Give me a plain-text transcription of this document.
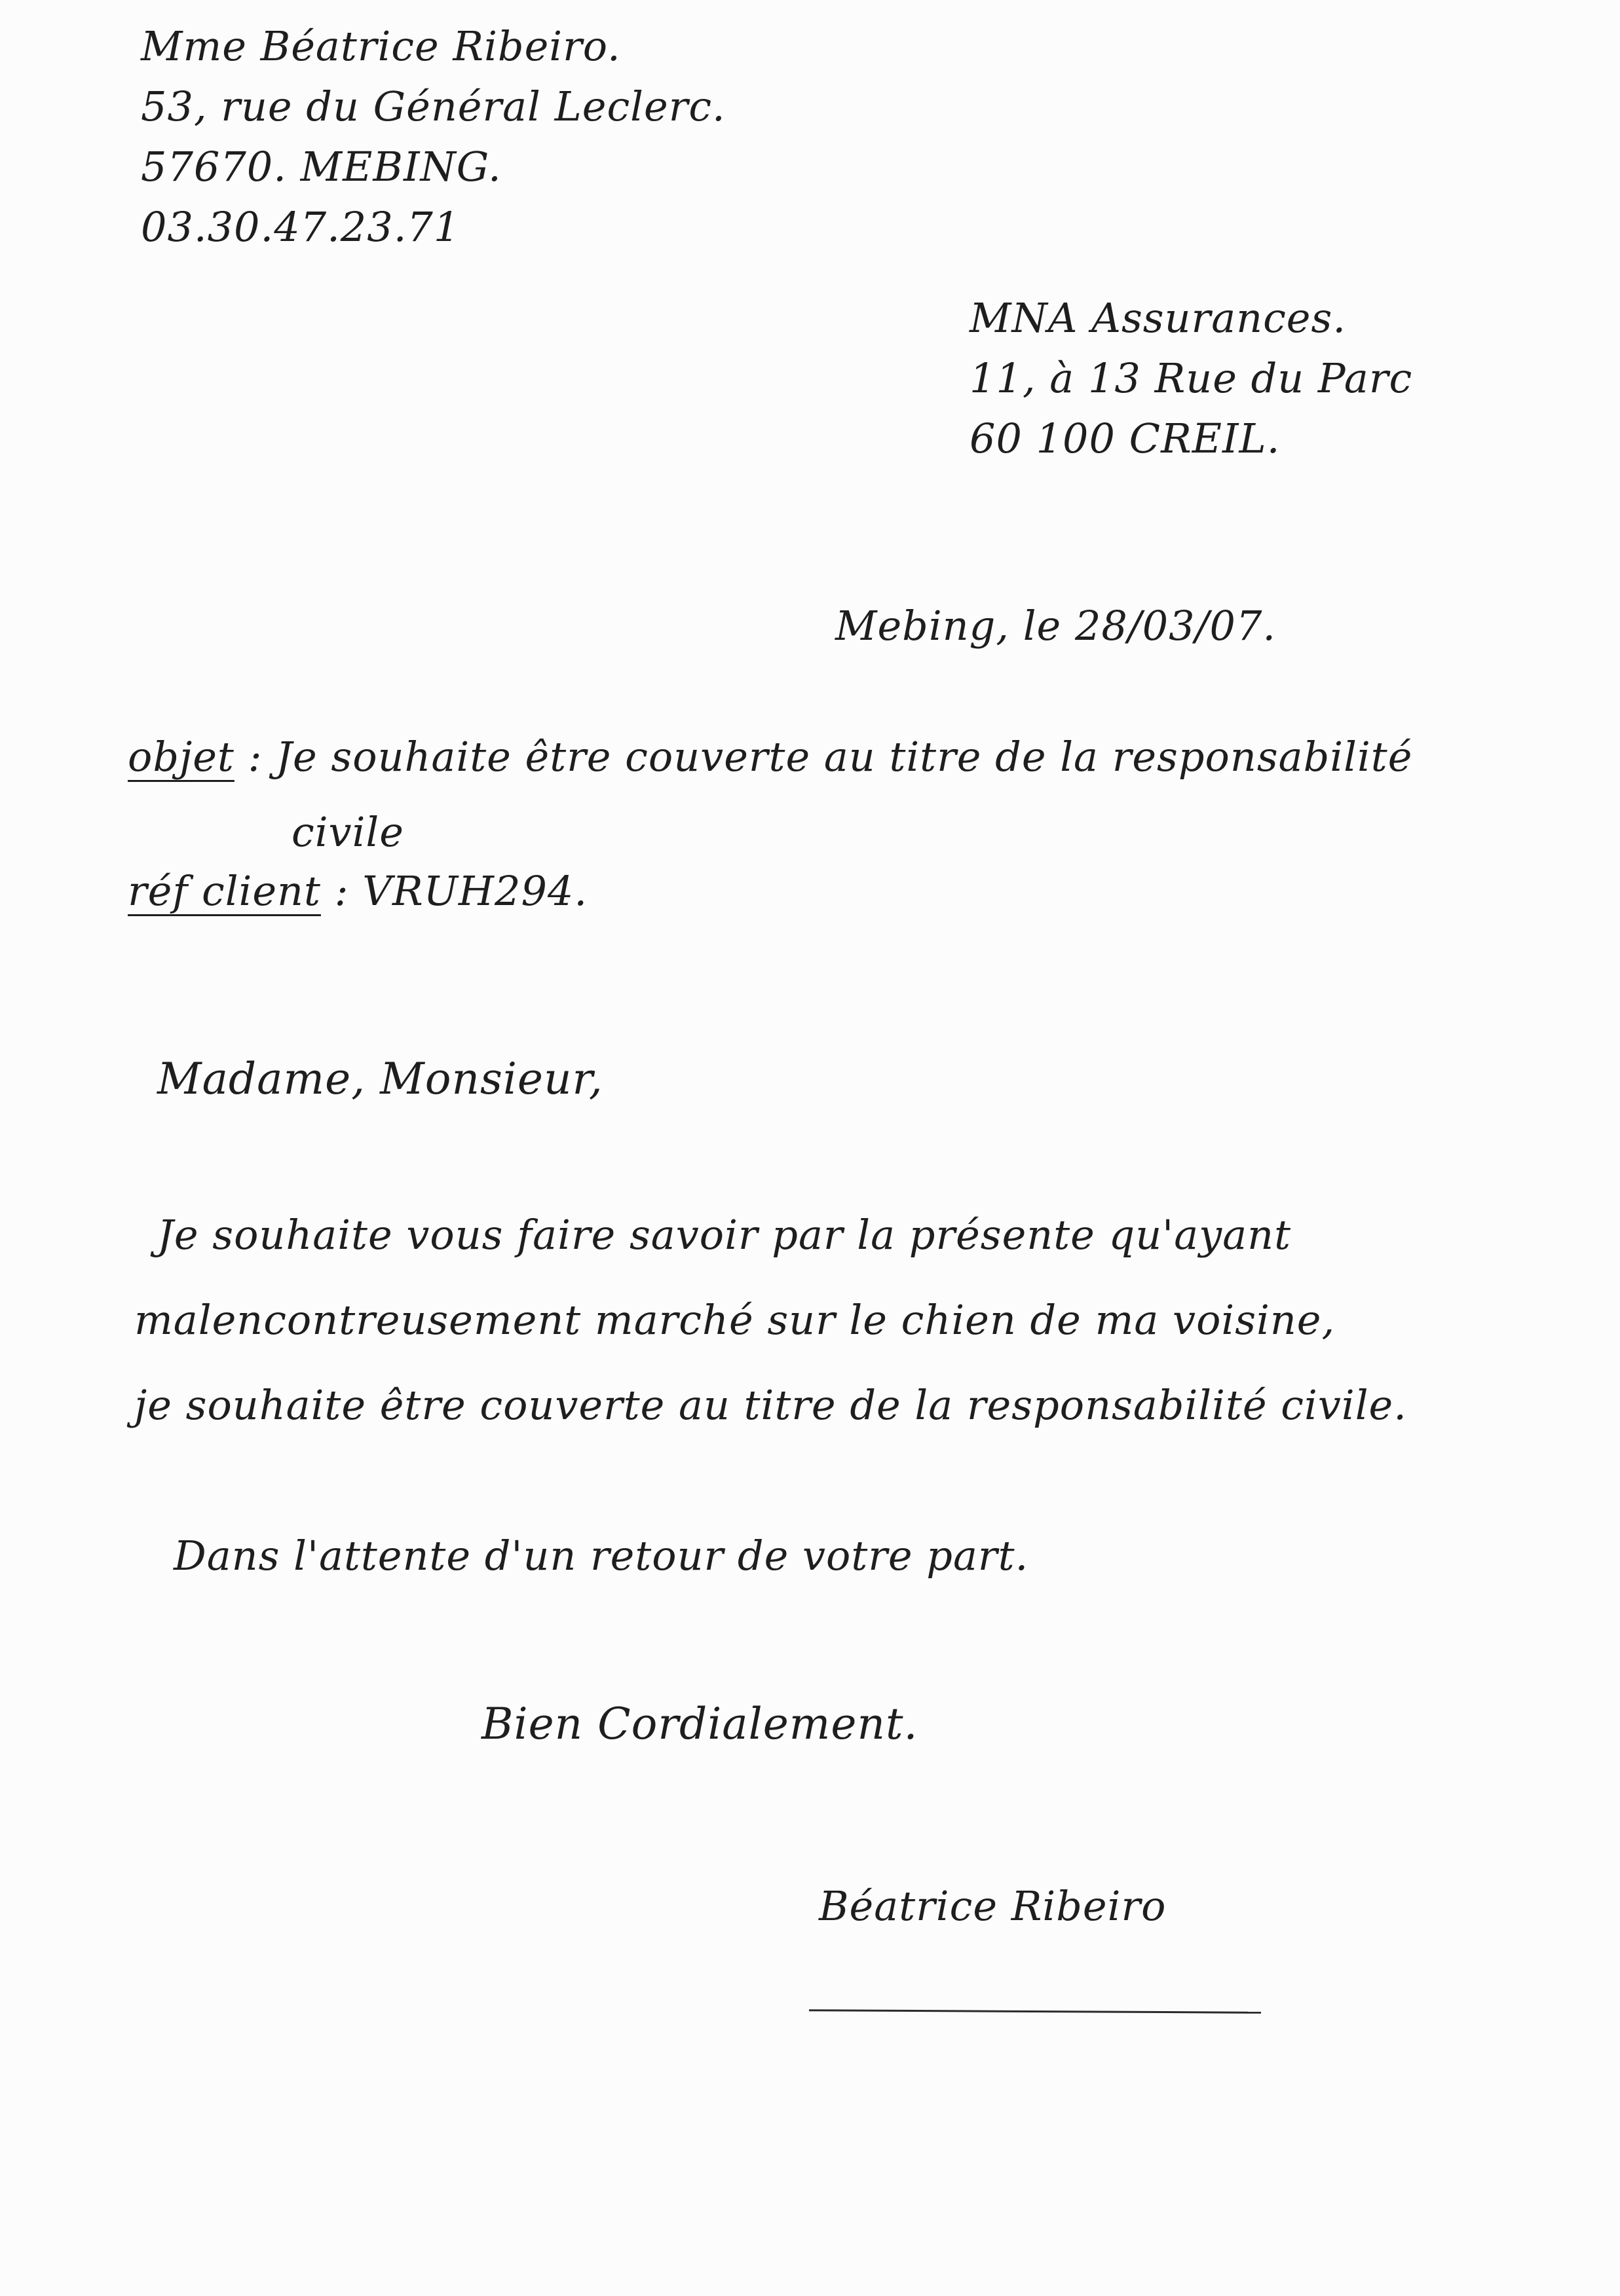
Mme Béatrice Ribeiro.
53, rue du Général Leclerc.
57670. MEBING.
03.30.47.23.71
MNA Assurances.
11, à 13 Rue du Parc
60 100 CREIL.
Mebing, le 28/03/07.
objet : Je souhaite être couverte au titre de la responsabilité
civile
réf client : VRUH294.
Madame, Monsieur,
Je souhaite vous faire savoir par la présente qu'ayant
malencontreusement marché sur le chien de ma voisine,
je souhaite être couverte au titre de la responsabilité civile.
Dans l'attente d'un retour de votre part.
Bien Cordialement.
Béatrice Ribeiro
